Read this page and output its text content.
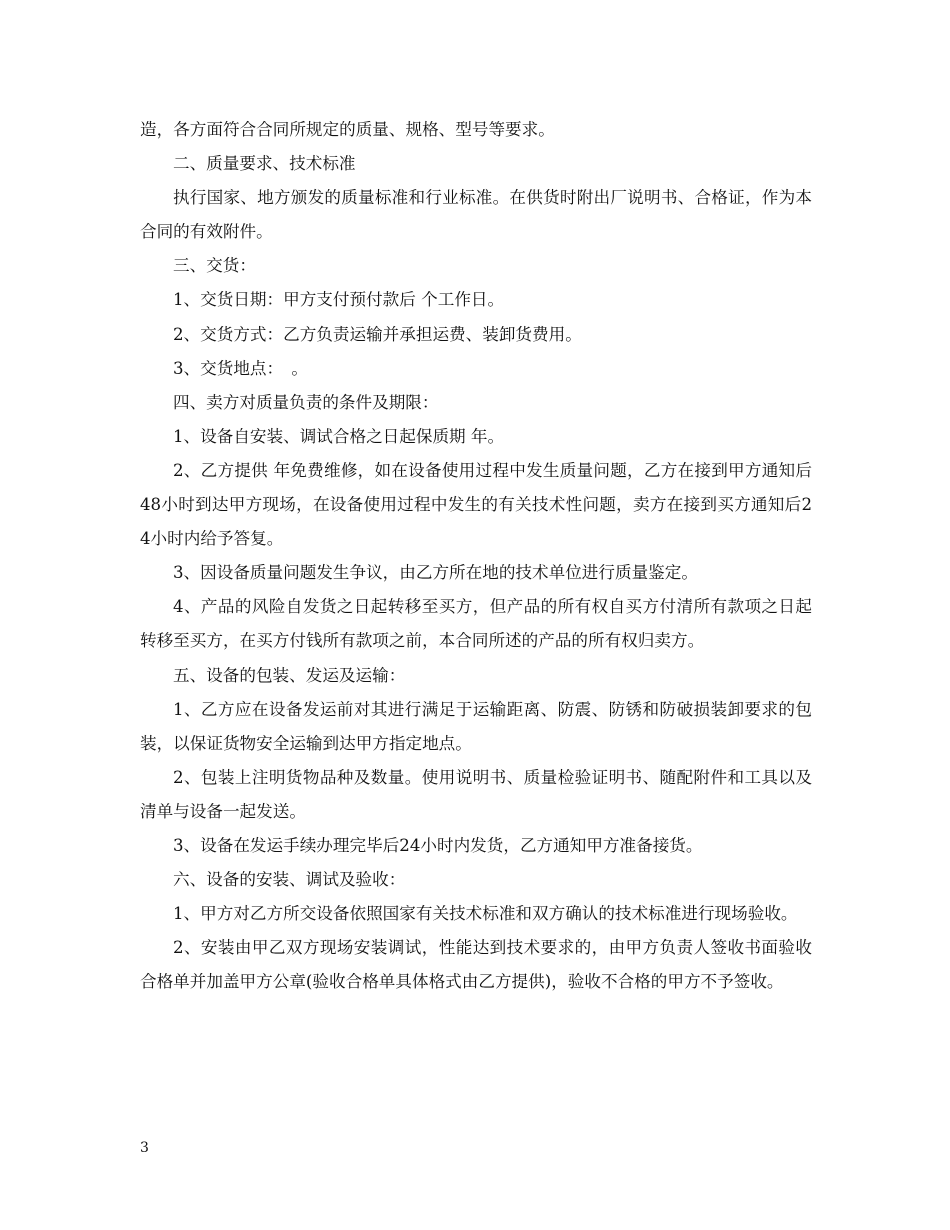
造，各方面符合合同所规定的质量、规格、型号等要求。

二、质量要求、技术标准

执行国家、地方颁发的质量标准和行业标准。在供货时附出厂说明书、合格证，作为本合同的有效附件。

三、交货：

1、交货日期：甲方支付预付款后 个工作日。

2、交货方式：乙方负责运输并承担运费、装卸货费用。

3、交货地点：　。

四、卖方对质量负责的条件及期限：

1、设备自安装、调试合格之日起保质期 年。

2、乙方提供 年免费维修，如在设备使用过程中发生质量问题，乙方在接到甲方通知后48小时到达甲方现场，在设备使用过程中发生的有关技术性问题，卖方在接到买方通知后24小时内给予答复。

3、因设备质量问题发生争议，由乙方所在地的技术单位进行质量鉴定。

4、产品的风险自发货之日起转移至买方，但产品的所有权自买方付清所有款项之日起转移至买方，在买方付钱所有款项之前，本合同所述的产品的所有权归卖方。

五、设备的包装、发运及运输：

1、乙方应在设备发运前对其进行满足于运输距离、防震、防锈和防破损装卸要求的包装，以保证货物安全运输到达甲方指定地点。

2、包装上注明货物品种及数量。使用说明书、质量检验证明书、随配附件和工具以及清单与设备一起发送。

3、设备在发运手续办理完毕后24小时内发货，乙方通知甲方准备接货。

六、设备的安装、调试及验收：

1、甲方对乙方所交设备依照国家有关技术标准和双方确认的技术标准进行现场验收。

2、安装由甲乙双方现场安装调试，性能达到技术要求的，由甲方负责人签收书面验收合格单并加盖甲方公章(验收合格单具体格式由乙方提供)，验收不合格的甲方不予签收。

3
